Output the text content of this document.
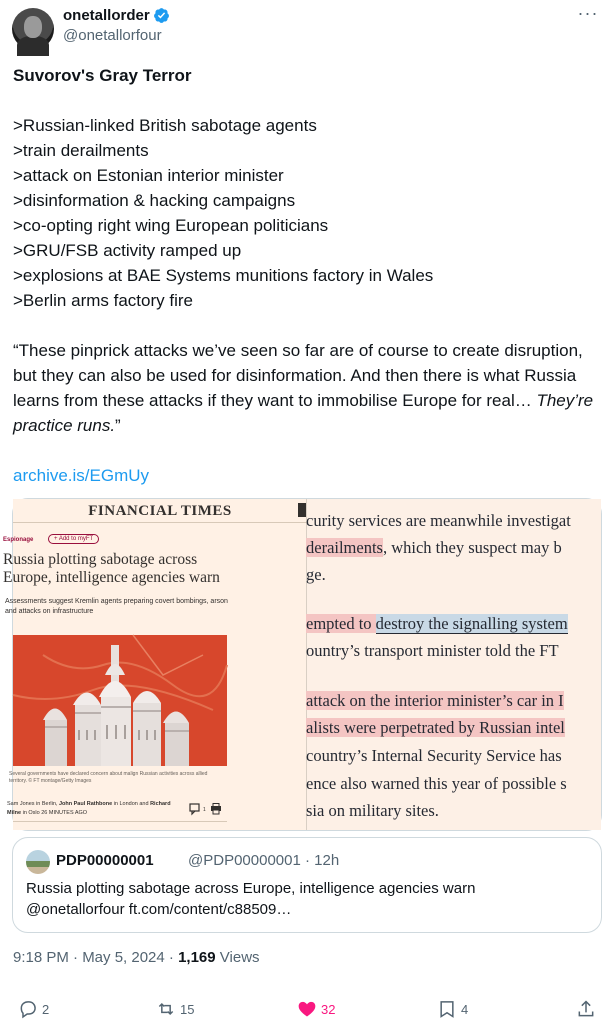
onetallorder
@onetallorfour
···

Suvorov's Gray Terror

>Russian-linked British sabotage agents

>train derailments

>attack on Estonian interior minister

>disinformation & hacking campaigns

>co-opting right wing European politicians

>GRU/FSB activity ramped up

>explosions at BAE Systems munitions factory in Wales

>Berlin arms factory fire

“These pinprick attacks we’ve seen so far are of course to create disruption, but they can also be used for disinformation. And then there is what Russia learns from these attacks if they want to immobilise Europe for real… They’re practice runs.”

archive.is/EGmUy

FINANCIAL TIMES
Espionage	+ Add to myFT
Russia plotting sabotage across Europe, intelligence agencies warn
Assessments suggest Kremlin agents preparing covert bombings, arson and attacks on infrastructure
Several governments have declared concern about malign Russian activities across allied territory. © FT montage/Getty Images
Sam Jones in Berlin, John Paul Rathbone in London and Richard Milne in Oslo 26 MINUTES AGO	1
curity services are meanwhile investigat
derailments, which they suspect may b
ge.
empted to destroy the signalling system
ountry’s transport minister told the FT
attack on the interior minister’s car in I
alists were perpetrated by Russian intel
country’s Internal Security Service has
ence also warned this year of possible s
sia on military sites.
PDP00000001 @PDP00000001 · 12h
Russia plotting sabotage across Europe, intelligence agencies warn
@onetallorfour ft.com/content/c88509…
9:18 PM · May 5, 2024 · 1,169 Views
2	15	32	4
